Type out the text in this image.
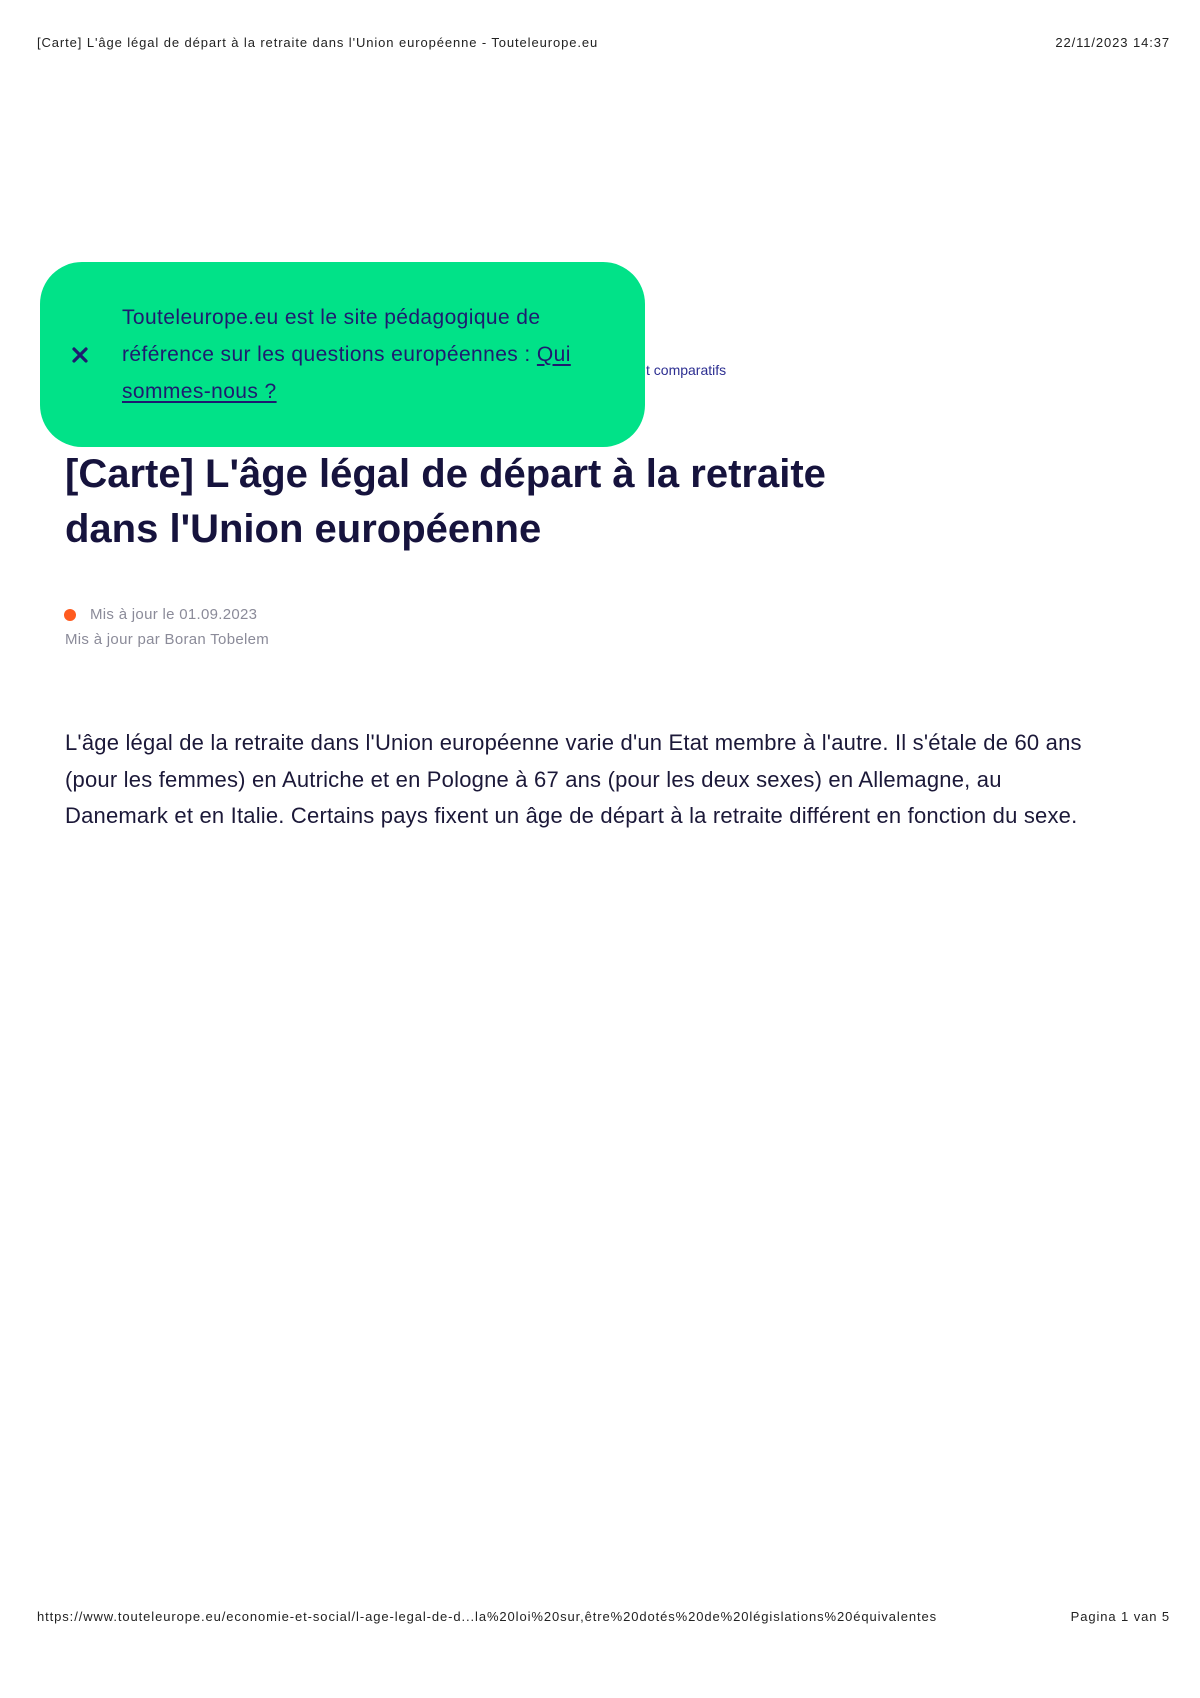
[Carte] L'âge légal de départ à la retraite dans l'Union européenne - Touteleurope.eu	22/11/2023 14:37
t comparatifs

Touteleurope.eu est le site pédagogique de référence sur les questions européennes : Qui sommes-nous ?

[Carte] L'âge légal de départ à la retraite dans l'Union européenne
Mis à jour le 01.09.2023
Mis à jour par Boran Tobelem

L'âge légal de la retraite dans l'Union européenne varie d'un Etat membre à l'autre. Il s'étale de 60 ans (pour les femmes) en Autriche et en Pologne à 67 ans (pour les deux sexes) en Allemagne, au Danemark et en Italie. Certains pays fixent un âge de départ à la retraite différent en fonction du sexe.

https://www.touteleurope.eu/economie-et-social/l-age-legal-de-d...la%20loi%20sur,être%20dotés%20de%20législations%20équivalentes	Pagina 1 van 5
